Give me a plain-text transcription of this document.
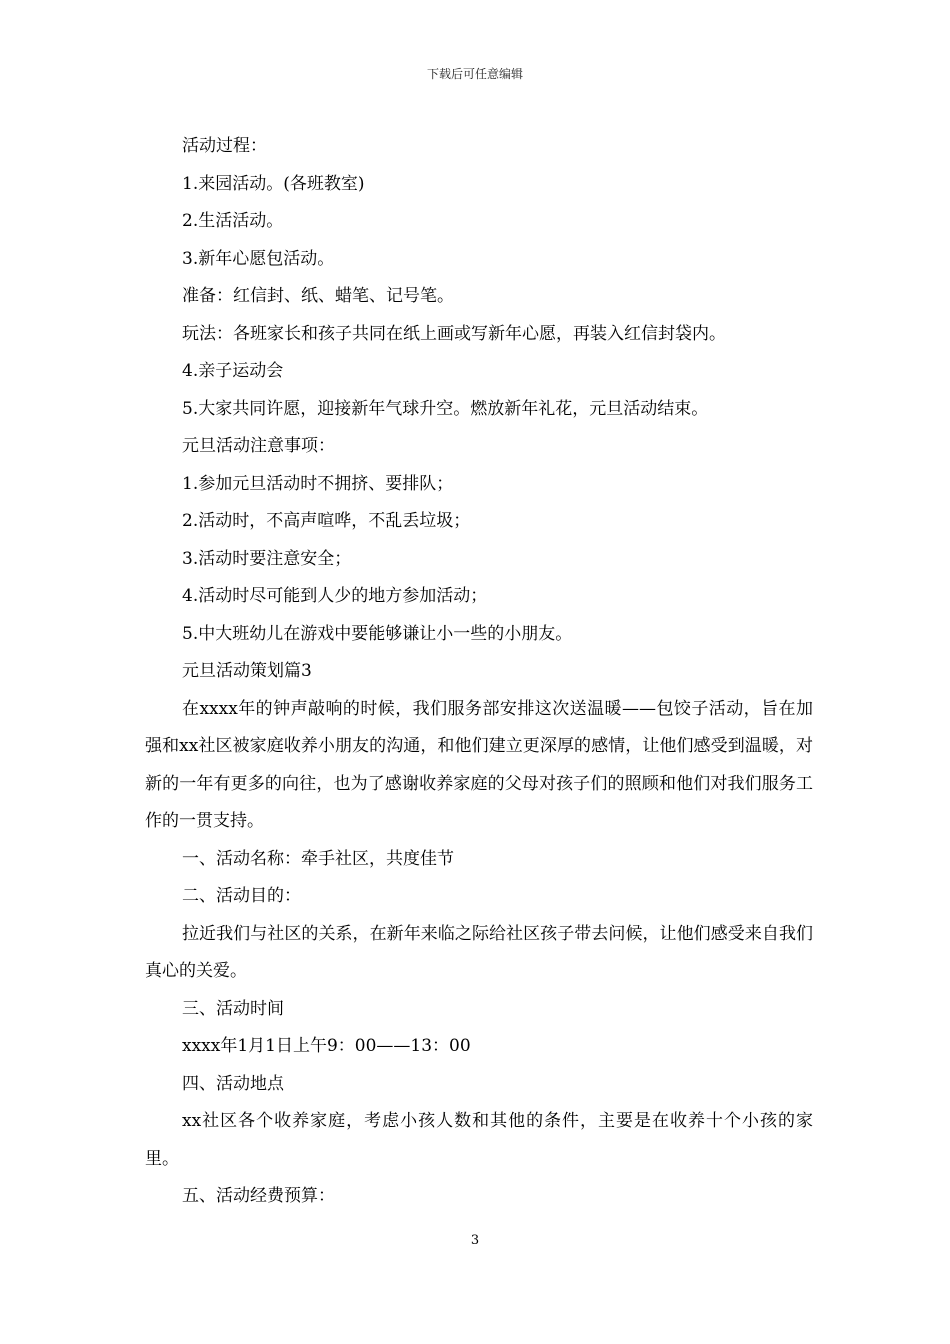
下载后可任意编辑
活动过程：
1.来园活动。(各班教室)
2.生活活动。
3.新年心愿包活动。
准备：红信封、纸、蜡笔、记号笔。
玩法：各班家长和孩子共同在纸上画或写新年心愿，再装入红信封袋内。
4.亲子运动会
5.大家共同许愿，迎接新年气球升空。燃放新年礼花，元旦活动结束。
元旦活动注意事项：
1.参加元旦活动时不拥挤、要排队；
2.活动时，不高声喧哗，不乱丢垃圾；
3.活动时要注意安全；
4.活动时尽可能到人少的地方参加活动；
5.中大班幼儿在游戏中要能够谦让小一些的小朋友。
元旦活动策划篇3
在xxxx年的钟声敲响的时候，我们服务部安排这次送温暖——包饺子活动，旨在加强和xx社区被家庭收养小朋友的沟通，和他们建立更深厚的感情，让他们感受到温暖，对新的一年有更多的向往，也为了感谢收养家庭的父母对孩子们的照顾和他们对我们服务工作的一贯支持。
一、活动名称：牵手社区，共度佳节
二、活动目的：
拉近我们与社区的关系，在新年来临之际给社区孩子带去问候，让他们感受来自我们真心的关爱。
三、活动时间
xxxx年1月1日上午9：00——13：00
四、活动地点
xx社区各个收养家庭，考虑小孩人数和其他的条件，主要是在收养十个小孩的家里。
五、活动经费预算：
3
